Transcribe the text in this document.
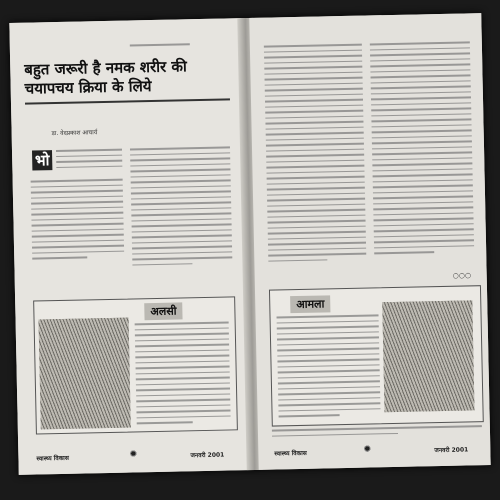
बहुत जरूरी है नमक शरीर की चयापचय क्रिया के लिये
डा. वेदप्रकाश आचार्य
भो
अलसी
स्वास्थ्य विकास	जनवरी 2001
○○○
आमला
स्वास्थ्य विकास	जनवरी 2001
